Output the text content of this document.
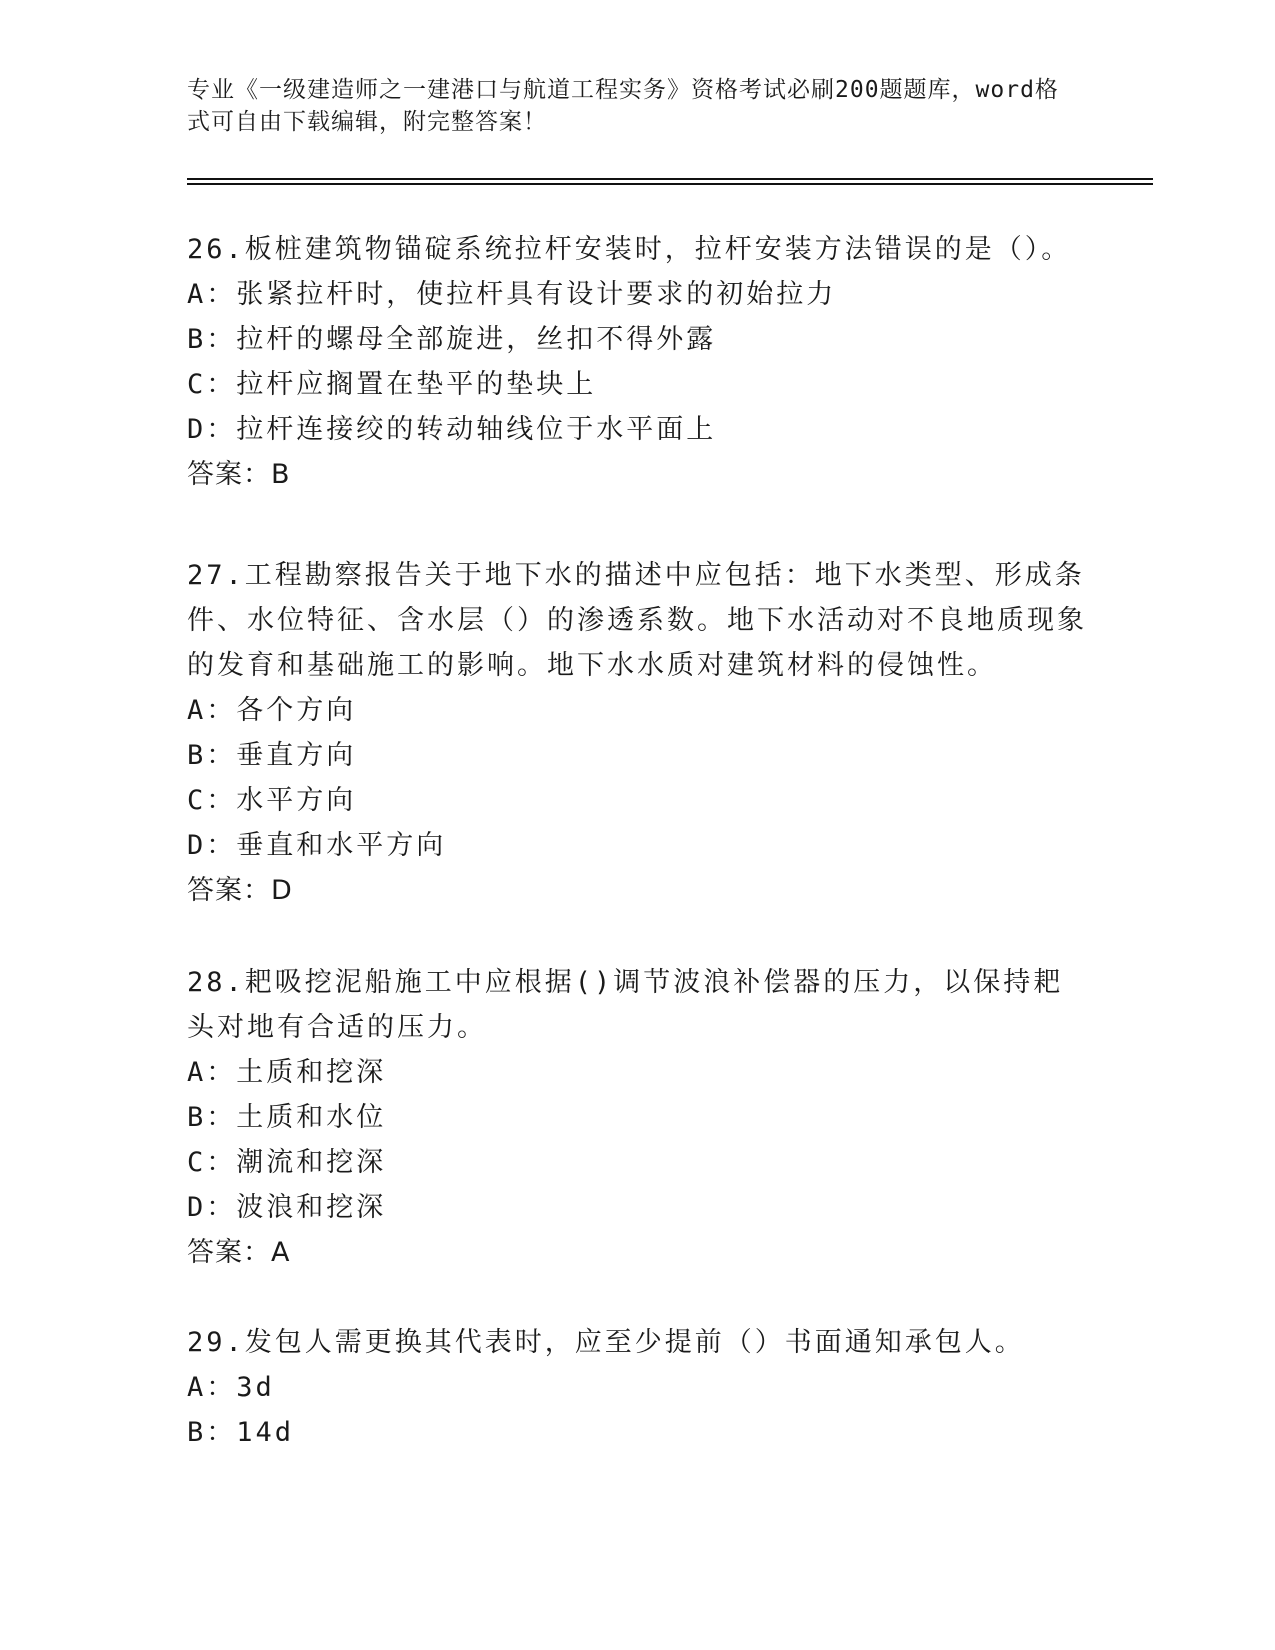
专业《一级建造师之一建港口与航道工程实务》资格考试必刷200题题库，word格式可自由下载编辑，附完整答案！

26.板桩建筑物锚碇系统拉杆安装时，拉杆安装方法错误的是（）。

A：张紧拉杆时，使拉杆具有设计要求的初始拉力

B：拉杆的螺母全部旋进，丝扣不得外露

C：拉杆应搁置在垫平的垫块上

D：拉杆连接绞的转动轴线位于水平面上

答案：B

27.工程勘察报告关于地下水的描述中应包括：地下水类型、形成条件、水位特征、含水层（）的渗透系数。地下水活动对不良地质现象的发育和基础施工的影响。地下水水质对建筑材料的侵蚀性。

A：各个方向

B：垂直方向

C：水平方向

D：垂直和水平方向

答案：D

28.耙吸挖泥船施工中应根据()调节波浪补偿器的压力，以保持耙头对地有合适的压力。

A：土质和挖深

B：土质和水位

C：潮流和挖深

D：波浪和挖深

答案：A

29.发包人需更换其代表时，应至少提前（）书面通知承包人。

A：3d

B：14d
